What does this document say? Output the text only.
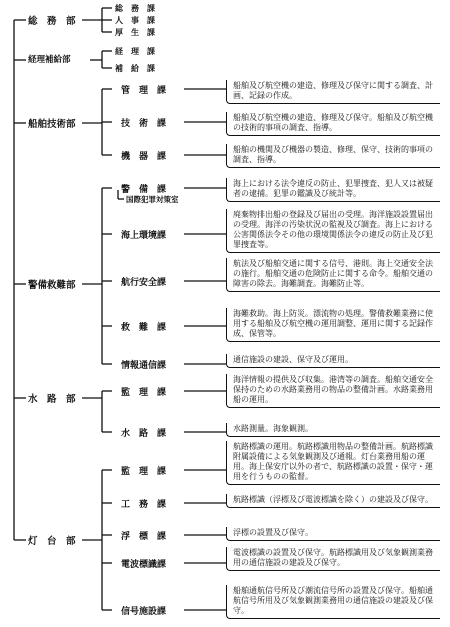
総　務　部
経理補給部
船舶技術部
警備救難部
水　路　部
灯　台　部
総　務　課
人　事　課
厚　生　課
経　理　課
補　給　課
管　理　課
船舶及び航空機の建造、修理及び保守に関する調査、計画、記録の作成。
技　術　課
船舶及び航空機の建造、修理及び保守。船舶及び航空機の技術的事項の調査、指導。
機　器　課
船舶の機関及び機器の製造、修理、保守、技術的事項の調査、指導。
警　備　課
国際犯罪対策室
海上における法令違反の防止、犯罪捜査、犯人又は被疑者の逮捕。犯罪の鑑識及び統計等。
海上環境課
廃棄物排出船の登録及び届出の受理。海洋施設設置届出の受理。海洋の汚染状況の監視及び調査。海上における公害関係法令その他の環境関係法令の違反の防止及び犯罪捜査等。
航行安全課
航法及び船舶交通に関する信号、港則。海上交通安全法の施行。船舶交通の危険防止に関する命令。船舶交通の障害の除去。海難調査。海難防止等。
救　難　課
海難救助。海上防災。漂流物の処理。警備救難業務に使用する船舶及び航空機の運用調整、運用に関する記録作成、保管等。
情報通信課
通信施設の建設、保守及び運用。
監　理　課
海洋情報の提供及び収集。港湾等の調査。船舶交通安全保持のための水路業務用の物品の整備計画。水路業務用船の運用。
水　路　課
水路測量。海象観測。
監　理　課
航路標識の運用。航路標識用物品の整備計画。航路標識附属設備による気象観測及び通報。灯台業務用船の運用。海上保安庁以外の者で、航路標識の設置・保守・運用を行うものの監督。
工　務　課
航路標識（浮標及び電波標識を除く）の建設及び保守。
浮　標　課	浮標の設置及び保守。
電波標識課
電波標識の設置及び保守。航路標識用及び気象観測業務用の通信施設の建設及び保守。
信号施設課
船舶通航信号所及び潮流信号所の設置及び保守。船舶通航信号所用及び気象観測業務用の通信施設の建設及び保守。
